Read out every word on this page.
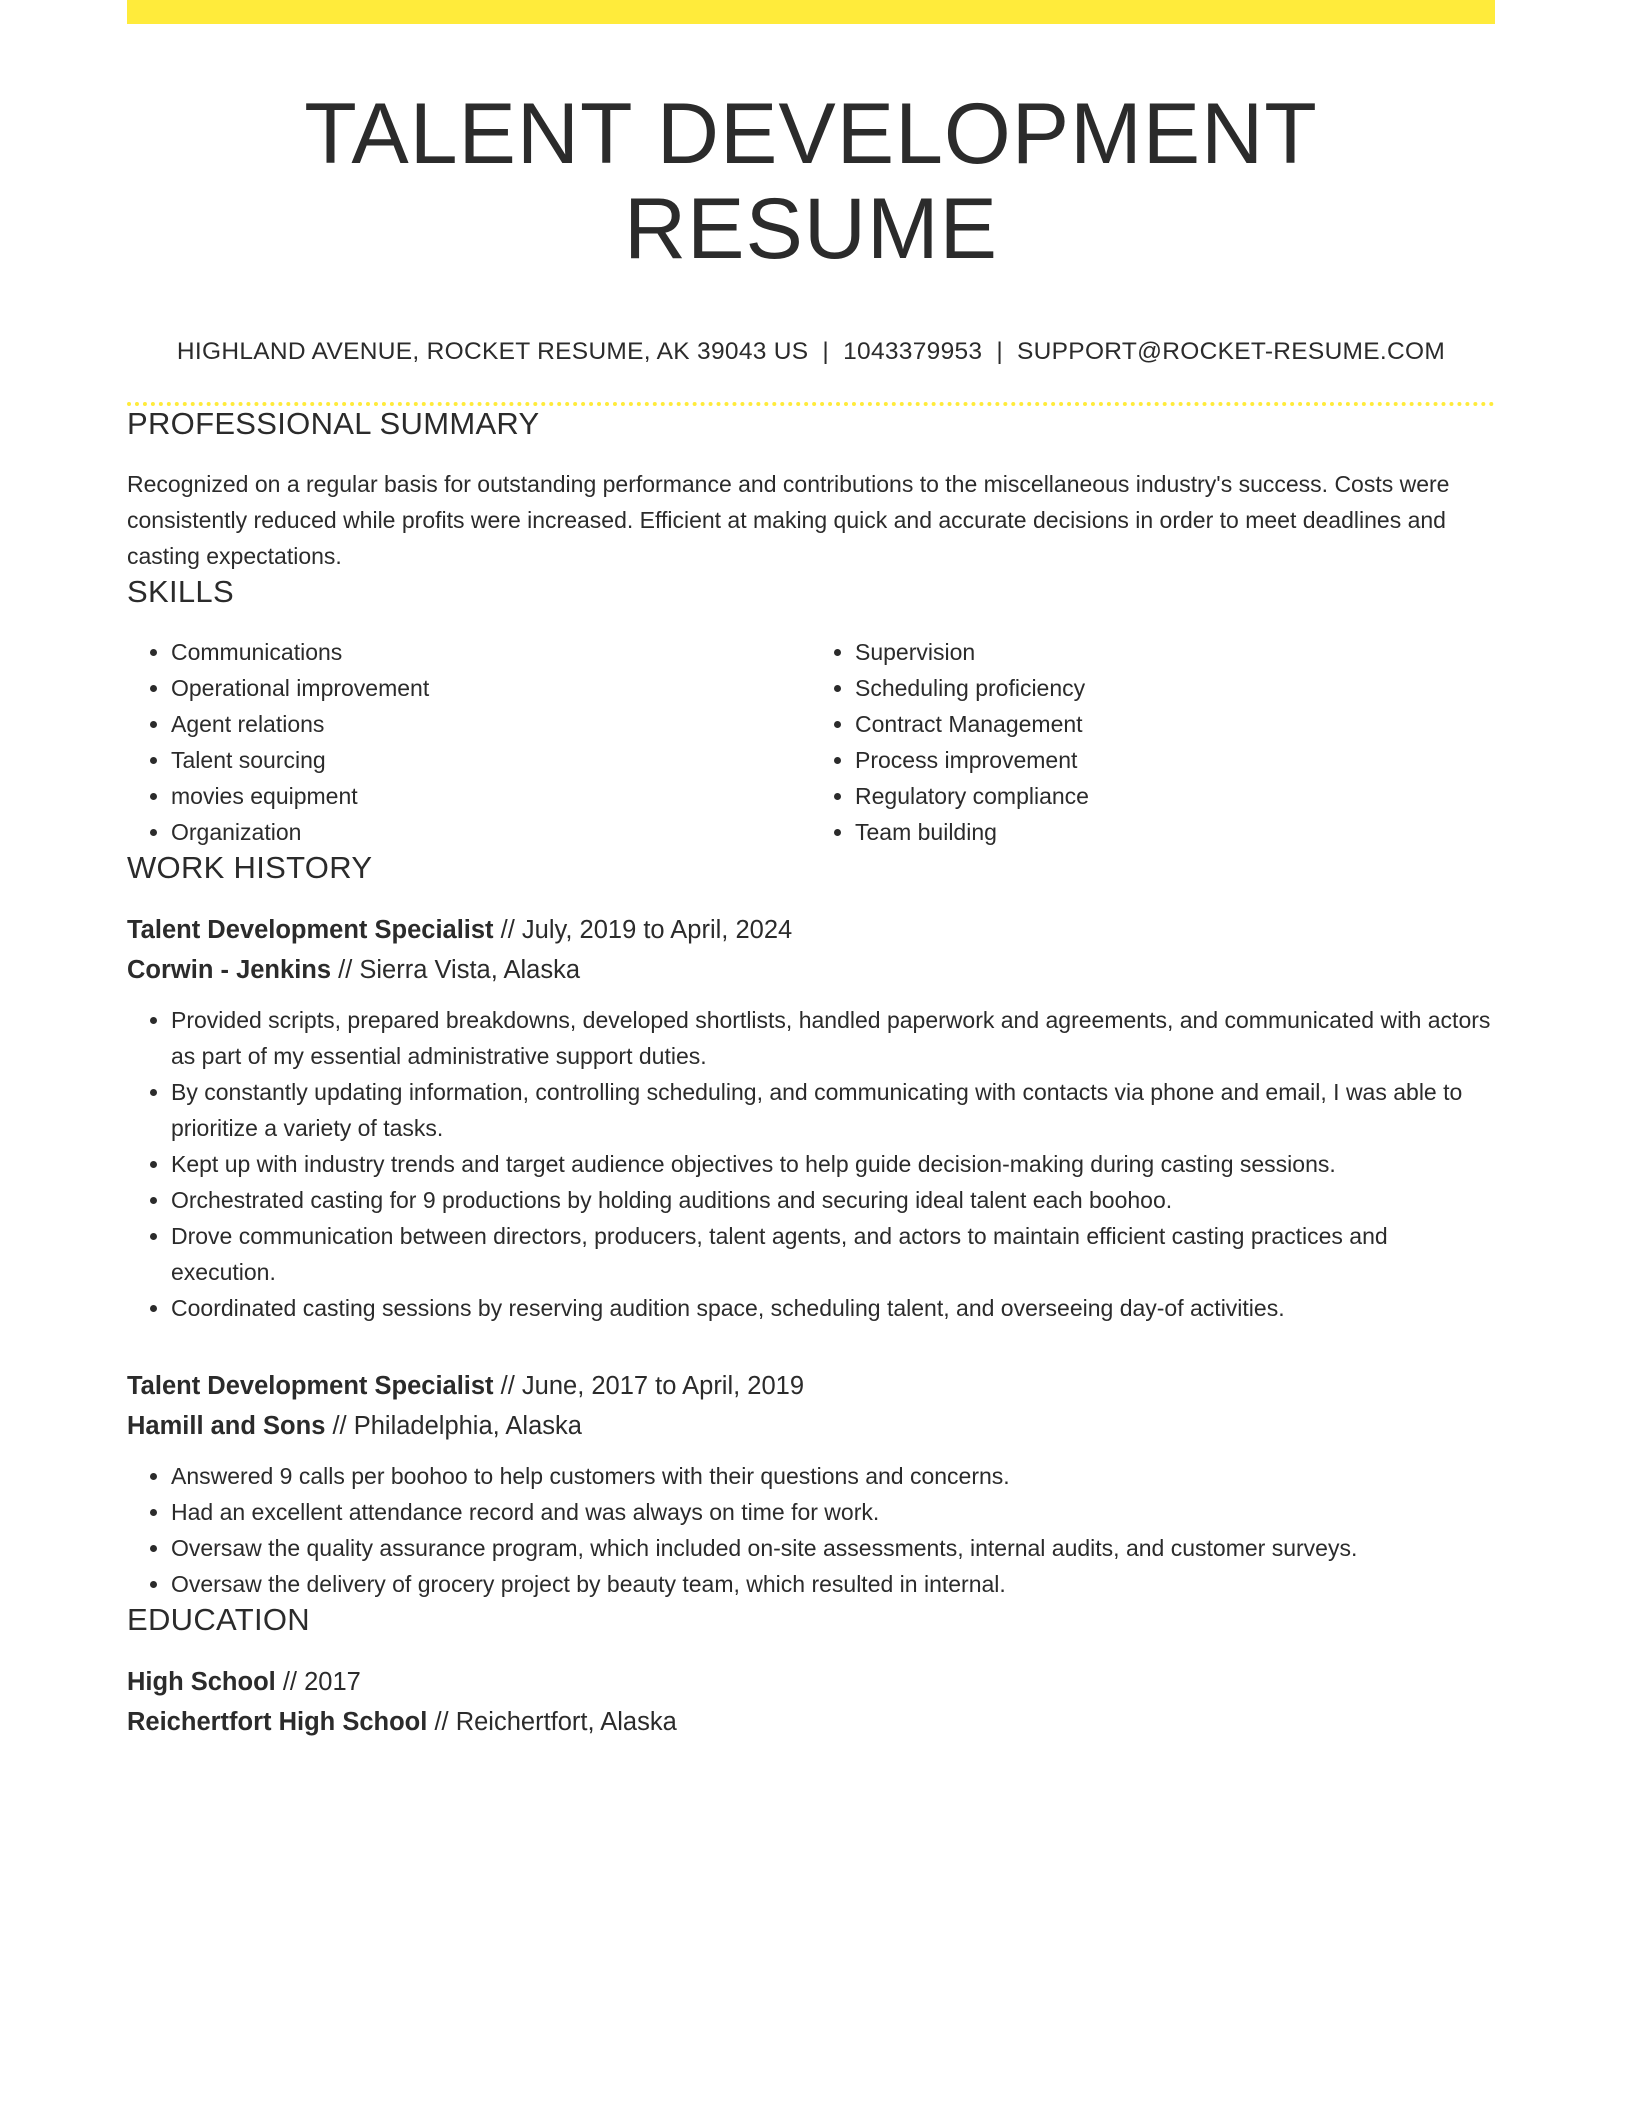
TALENT DEVELOPMENT RESUME
HIGHLAND AVENUE, ROCKET RESUME, AK 39043 US | 1043379953 | SUPPORT@ROCKET-RESUME.COM
PROFESSIONAL SUMMARY

Recognized on a regular basis for outstanding performance and contributions to the miscellaneous industry's success. Costs were consistently reduced while profits were increased. Efficient at making quick and accurate decisions in order to meet deadlines and casting expectations.

SKILLS
• Communications
• Operational improvement
• Agent relations
• Talent sourcing
• movies equipment
• Organization
• Supervision
• Scheduling proficiency
• Contract Management
• Process improvement
• Regulatory compliance
• Team building
WORK HISTORY
Talent Development Specialist // July, 2019 to April, 2024
Corwin - Jenkins // Sierra Vista, Alaska
• Provided scripts, prepared breakdowns, developed shortlists, handled paperwork and agreements, and communicated with actors as part of my essential administrative support duties.
• By constantly updating information, controlling scheduling, and communicating with contacts via phone and email, I was able to prioritize a variety of tasks.
• Kept up with industry trends and target audience objectives to help guide decision-making during casting sessions.
• Orchestrated casting for 9 productions by holding auditions and securing ideal talent each boohoo.
• Drove communication between directors, producers, talent agents, and actors to maintain efficient casting practices and execution.
• Coordinated casting sessions by reserving audition space, scheduling talent, and overseeing day-of activities.
Talent Development Specialist // June, 2017 to April, 2019
Hamill and Sons // Philadelphia, Alaska
• Answered 9 calls per boohoo to help customers with their questions and concerns.
• Had an excellent attendance record and was always on time for work.
• Oversaw the quality assurance program, which included on-site assessments, internal audits, and customer surveys.
• Oversaw the delivery of grocery project by beauty team, which resulted in internal.
EDUCATION
High School // 2017
Reichertfort High School // Reichertfort, Alaska
